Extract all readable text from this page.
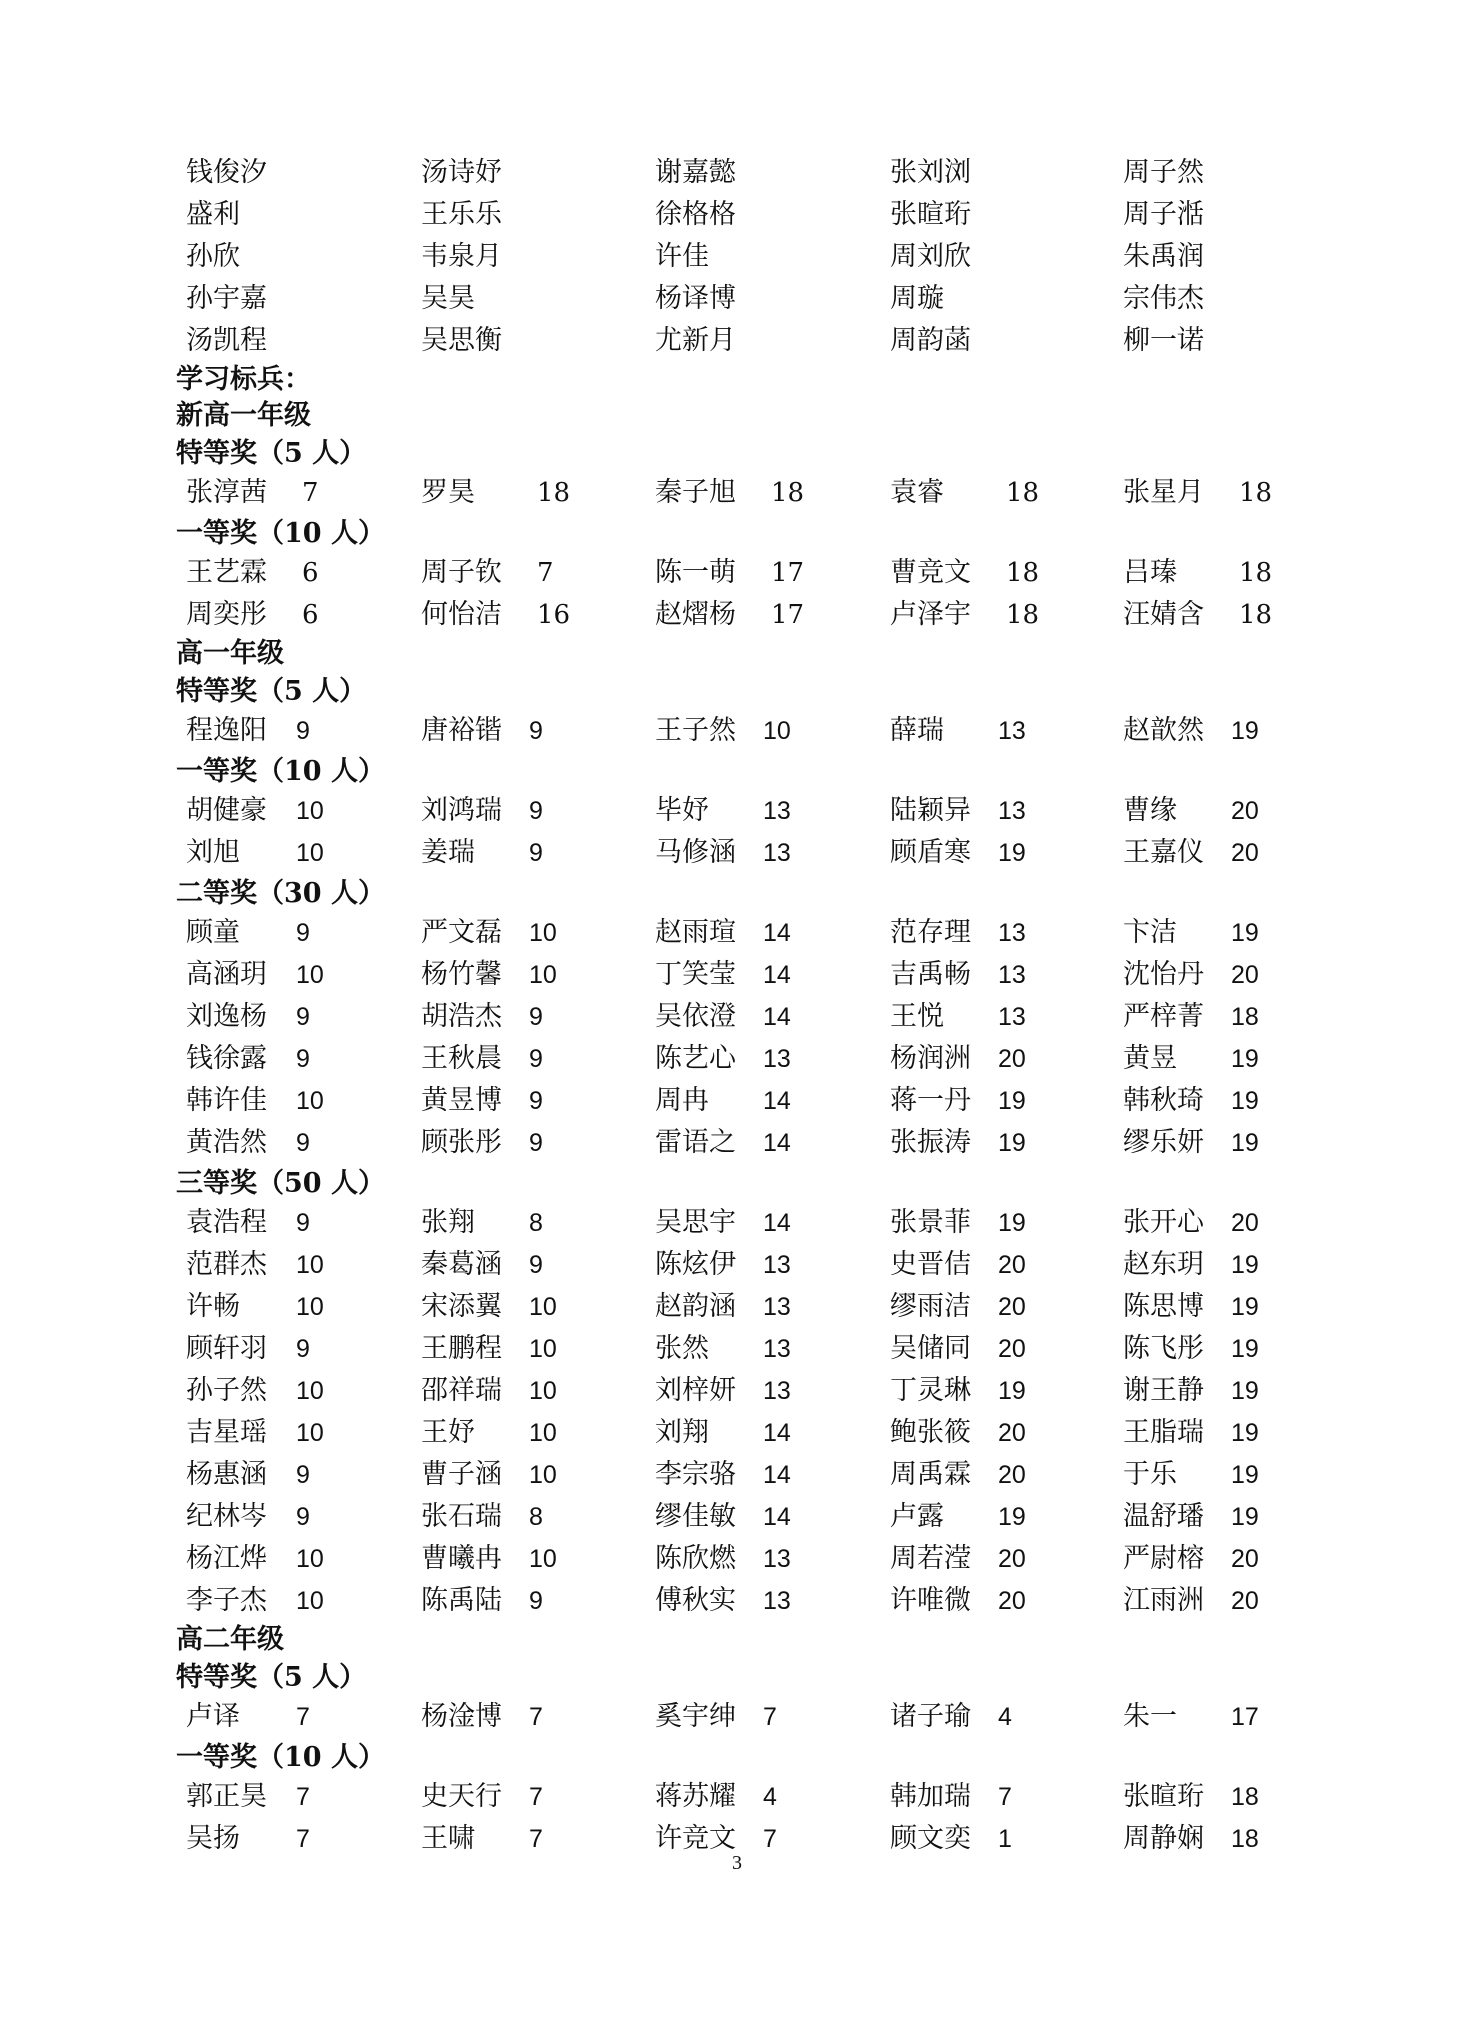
钱俊汐	汤诗妤	谢嘉懿	张刘浏	周子然
盛利	王乐乐	徐格格	张暄珩	周子湉
孙欣	韦泉月	许佳	周刘欣	朱禹润
孙宇嘉	吴昊	杨译博	周璇	宗伟杰
汤凯程	吴思衡	尤新月	周韵菡	柳一诺
学习标兵：
新高一年级
特等奖（5 人）
张淳茜 7	罗昊 18	秦子旭 18	袁睿 18	张星月 18
一等奖（10 人）
王艺霖 6	周子钦 7	陈一萌 17	曹竞文 18	吕瑧 18
周奕彤 6	何怡洁 16	赵熠杨 17	卢泽宇 18	汪婧含 18
高一年级
特等奖（5 人）
程逸阳 9	唐裕锴 9	王子然 10	薛瑞 13	赵歆然 19
一等奖（10 人）
胡健豪 10	刘鸿瑞 9	毕妤 13	陆颖异 13	曹缘 20
刘旭 10	姜瑞 9	马修涵 13	顾盾寒 19	王嘉仪 20
二等奖（30 人）
顾童 9	严文磊 10	赵雨瑄 14	范存理 13	卞洁 19
高涵玥 10	杨竹馨 10	丁笑莹 14	吉禹畅 13	沈怡丹 20
刘逸杨 9	胡浩杰 9	吴依澄 14	王悦 13	严梓菁 18
钱徐露 9	王秋晨 9	陈艺心 13	杨润洲 20	黄昱 19
韩许佳 10	黄昱博 9	周冉 14	蒋一丹 19	韩秋琦 19
黄浩然 9	顾张彤 9	雷语之 14	张振涛 19	缪乐妍 19
三等奖（50 人）
袁浩程 9	张翔 8	吴思宇 14	张景菲 19	张开心 20
范群杰 10	秦葛涵 9	陈炫伊 13	史晋佶 20	赵东玥 19
许畅 10	宋添翼 10	赵韵涵 13	缪雨洁 20	陈思博 19
顾轩羽 9	王鹏程 10	张然 13	吴储同 20	陈飞彤 19
孙子然 10	邵祥瑞 10	刘梓妍 13	丁灵琳 19	谢王静 19
吉星瑶 10	王妤 10	刘翔 14	鲍张筱 20	王脂瑞 19
杨惠涵 9	曹子涵 10	李宗骆 14	周禹霖 20	于乐 19
纪林岑 9	张石瑞 8	缪佳敏 14	卢露 19	温舒璠 19
杨江烨 10	曹曦冉 10	陈欣燃 13	周若滢 20	严尉榕 20
李子杰 10	陈禹陆 9	傅秋实 13	许唯微 20	江雨洲 20
高二年级
特等奖（5 人）
卢译 7	杨淦博 7	奚宇绅 7	诸子瑜 4	朱一 17
一等奖（10 人）
郭正昊 7	史天行 7	蒋苏耀 4	韩加瑞 7	张暄珩 18
吴扬 7	王啸 7	许竞文 7	顾文奕 1	周静娴 18
3
